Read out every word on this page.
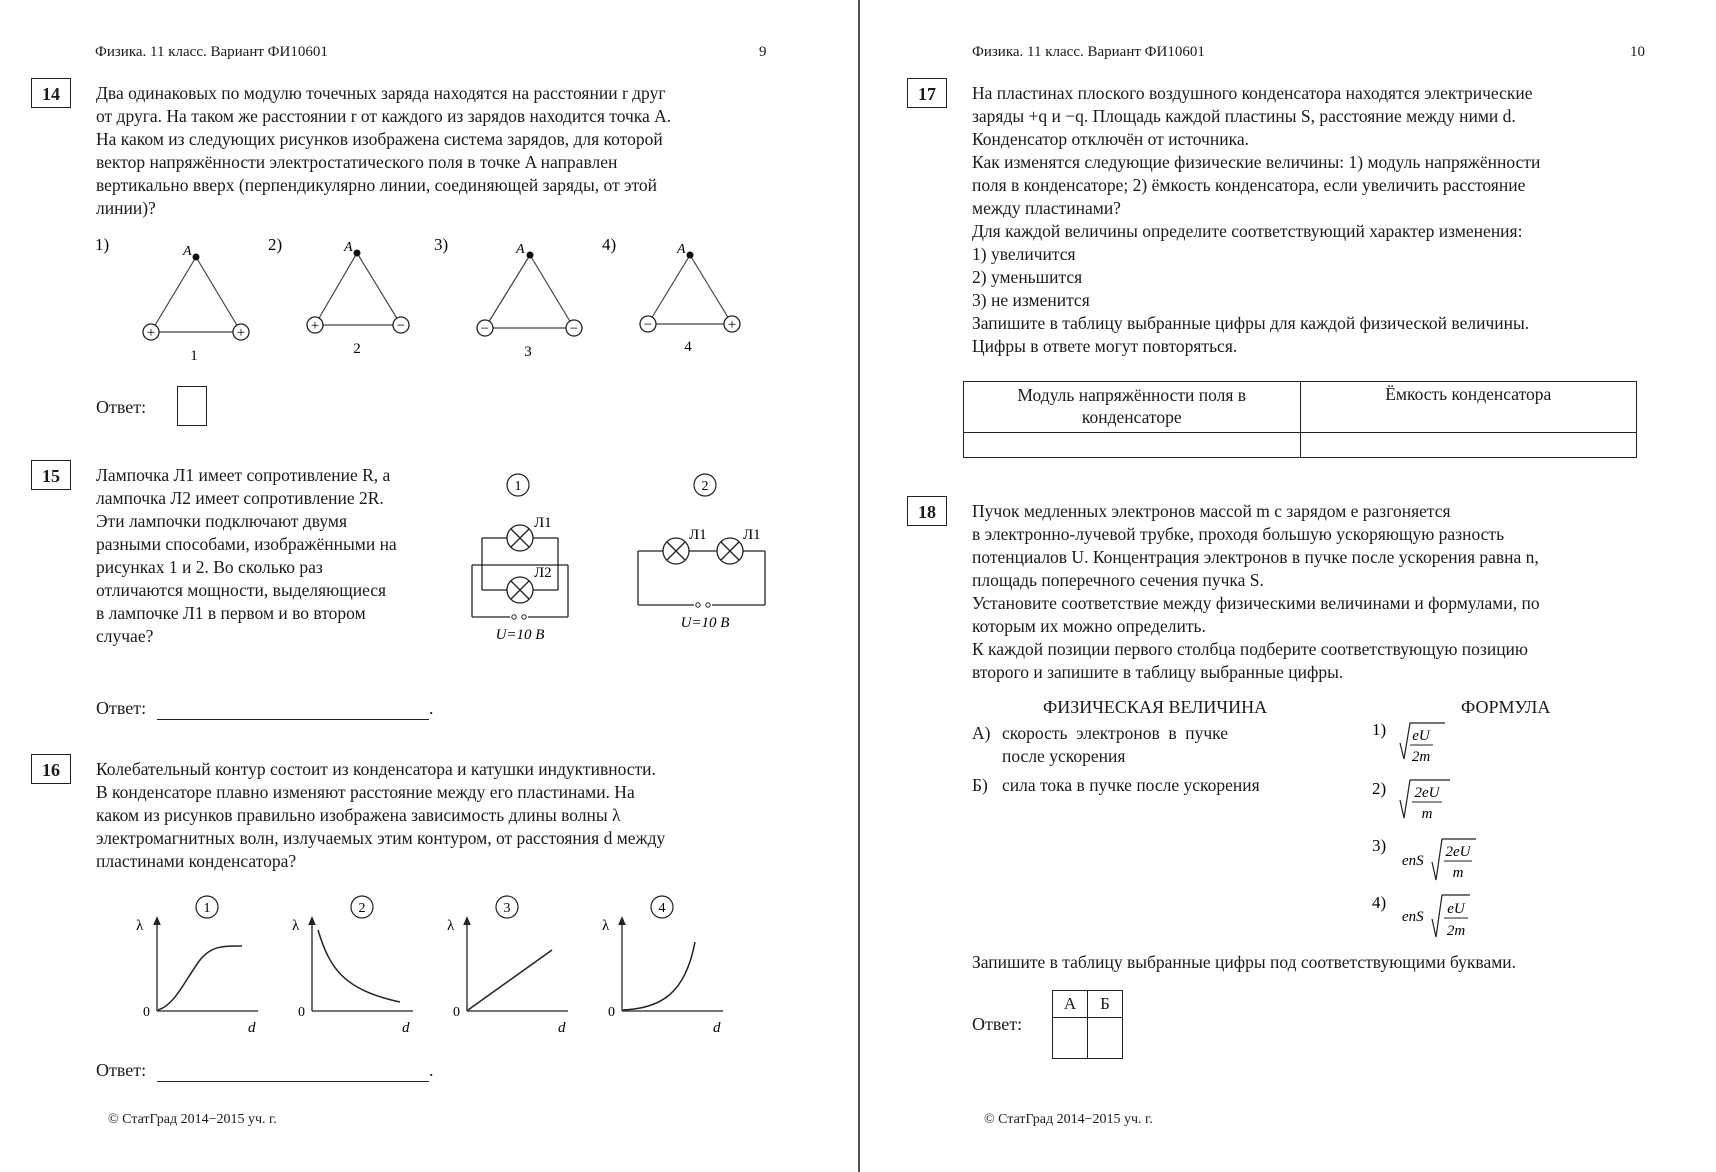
Физика. 11 класс. Вариант ФИ10601	9
14	Два одинаковых по модулю точечных заряда находятся на расстоянии r друг
от друга. На таком же расстоянии r от каждого из зарядов находится точка A.
На каком из следующих рисунков изображена система зарядов, для которой
вектор напряжённости электростатического поля в точке A направлен
вертикально вверх (перпендикулярно линии, соединяющей заряды, от этой
линии)?
1)	A
+	+
1
2)	A
+	−
2
3)	A
−	−
3
4)	A
−	+
4
Ответ:
15	Лампочка Л1 имеет сопротивление R, а
лампочка Л2 имеет сопротивление 2R.
Эти лампочки подключают двумя
разными способами, изображёнными на
рисунках 1 и 2. Во сколько раз
отличаются мощности, выделяющиеся
в лампочке Л1 в первом и во втором
случае?
1
Л1
Л2
U=10 В
2
Л1 Л1
U=10 В
Ответ:	.
16	Колебательный контур состоит из конденсатора и катушки индуктивности.
В конденсаторе плавно изменяют расстояние между его пластинами. На
каком из рисунков правильно изображена зависимость длины волны λ
электромагнитных волн, излучаемых этим контуром, от расстояния d между
пластинами конденсатора?
1
λ
0
d
2
λ
0
d
3
λ
0
d
4
λ
0
d
Ответ:	.
© СтатГрад 2014−2015 уч. г.
Физика. 11 класс. Вариант ФИ10601	10
17	На пластинах плоского воздушного конденсатора находятся электрические
заряды +q и −q. Площадь каждой пластины S, расстояние между ними d.
Конденсатор отключён от источника.
Как изменятся следующие физические величины: 1) модуль напряжённости
поля в конденсаторе; 2) ёмкость конденсатора, если увеличить расстояние
между пластинами?
Для каждой величины определите соответствующий характер изменения:
1) увеличится
2) уменьшится
3) не изменится
Запишите в таблицу выбранные цифры для каждой физической величины.
Цифры в ответе могут повторяться.
Модуль напряжённости поля в конденсаторе	Ёмкость конденсатора

18	Пучок медленных электронов массой m с зарядом e разгоняется
в электронно-лучевой трубке, проходя большую ускоряющую разность
потенциалов U. Концентрация электронов в пучке после ускорения равна n,
площадь поперечного сечения пучка S.
Установите соответствие между физическими величинами и формулами, по
которым их можно определить.
К каждой позиции первого столбца подберите соответствующую позицию
второго и запишите в таблицу выбранные цифры.
ФИЗИЧЕСКАЯ ВЕЛИЧИНА	ФОРМУЛА
А) скорость электронов в пучке после ускорения
Б) сила тока в пучке после ускорения
1) eU
2m
2) 2eU
m
3)
enS
2eU
m
4)
enS eU
2m
Запишите в таблицу выбранные цифры под соответствующими буквами.
Ответ:
А	Б

© СтатГрад 2014−2015 уч. г.
